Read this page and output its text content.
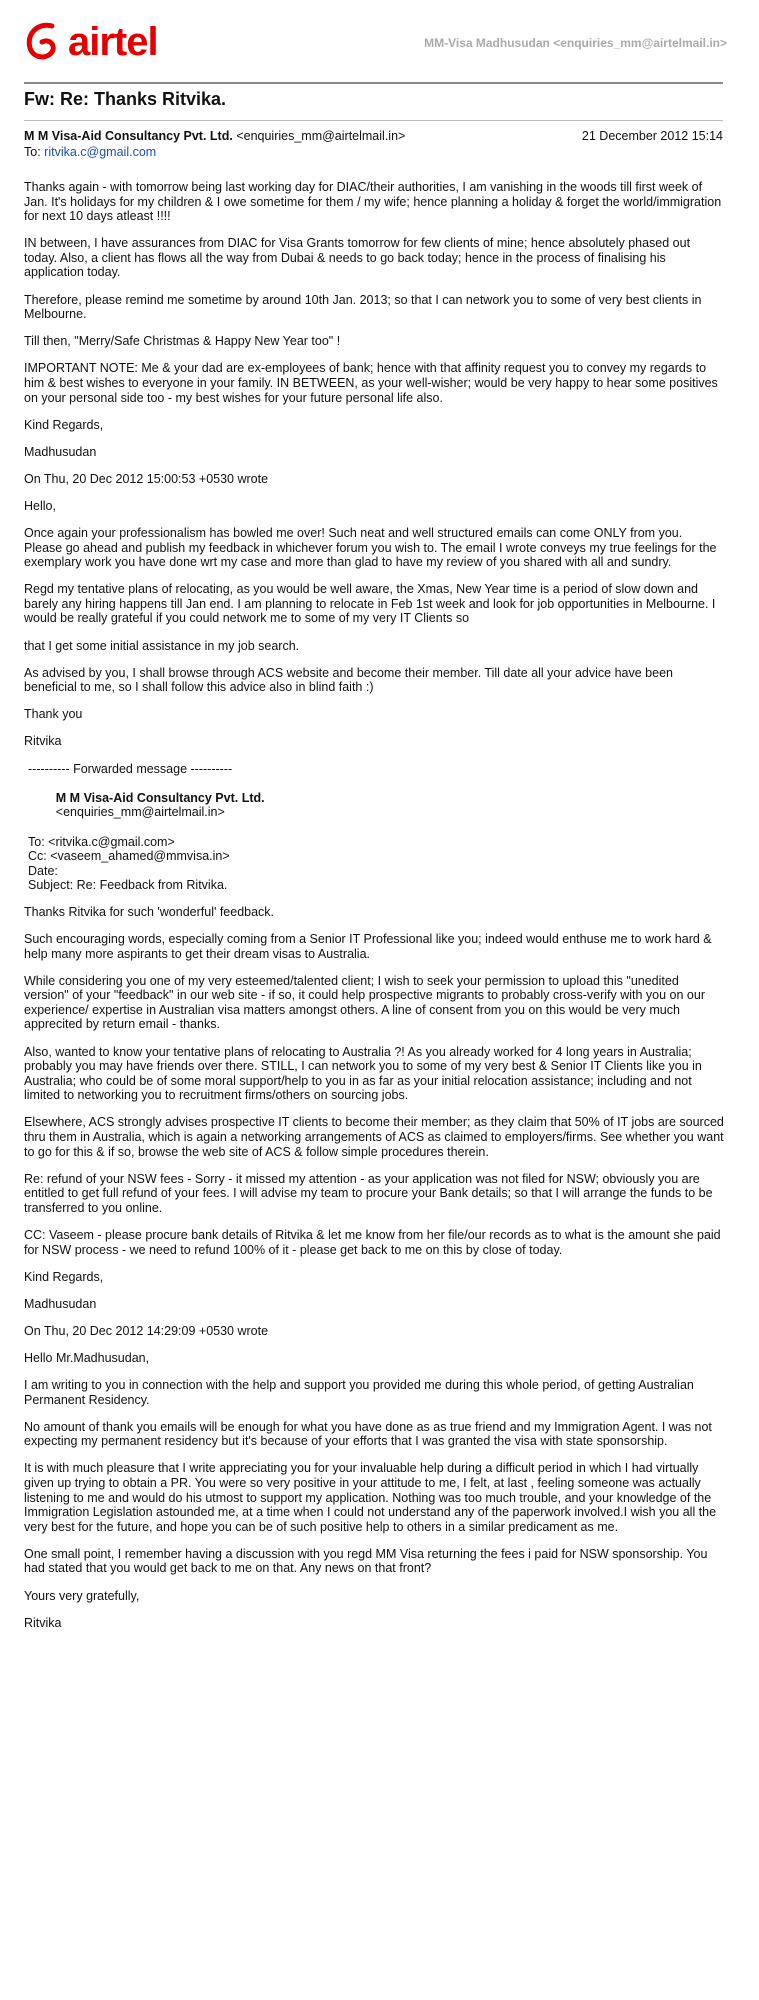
airtel	MM-Visa Madhusudan <enquiries_mm@airtelmail.in>
Fw: Re: Thanks Ritvika.
M M Visa-Aid Consultancy Pvt. Ltd. <enquiries_mm@airtelmail.in>	21 December 2012 15:14
To: ritvika.c@gmail.com

Thanks again - with tomorrow being last working day for DIAC/their authorities, I am vanishing in the woods till first week of Jan. It's holidays for my children & I owe sometime for them / my wife; hence planning a holiday & forget the world/immigration for next 10 days atleast !!!!

IN between, I have assurances from DIAC for Visa Grants tomorrow for few clients of mine; hence absolutely phased out today. Also, a client has flows all the way from Dubai & needs to go back today; hence in the process of finalising his application today.

Therefore, please remind me sometime by around 10th Jan. 2013; so that I can network you to some of very best clients in Melbourne.

Till then, "Merry/Safe Christmas & Happy New Year too" !

IMPORTANT NOTE: Me & your dad are ex-employees of bank; hence with that affinity request you to convey my regards to him & best wishes to everyone in your family. IN BETWEEN, as your well-wisher; would be very happy to hear some positives on your personal side too - my best wishes for your future personal life also.

Kind Regards,

Madhusudan

On Thu, 20 Dec 2012 15:00:53 +0530 wrote

Hello,

Once again your professionalism has bowled me over! Such neat and well structured emails can come ONLY from you.
Please go ahead and publish my feedback in whichever forum you wish to. The email I wrote conveys my true feelings for the exemplary work you have done wrt my case and more than glad to have my review of you shared with all and sundry.

Regd my tentative plans of relocating, as you would be well aware, the Xmas, New Year time is a period of slow down and barely any hiring happens till Jan end. I am planning to relocate in Feb 1st week and look for job opportunities in Melbourne. I would be really grateful if you could network me to some of my very IT Clients so

that I get some initial assistance in my job search.

As advised by you, I shall browse through ACS website and become their member. Till date all your advice have been beneficial to me, so I shall follow this advice also in blind faith :)

Thank you

Ritvika

---------- Forwarded message ----------

M M Visa-Aid Consultancy Pvt. Ltd.
<enquiries_mm@airtelmail.in>

To: <ritvika.c@gmail.com>
Cc: <vaseem_ahamed@mmvisa.in>
Date:
Subject: Re: Feedback from Ritvika.

Thanks Ritvika for such 'wonderful' feedback.

Such encouraging words, especially coming from a Senior IT Professional like you; indeed would enthuse me to work hard & help many more aspirants to get their dream visas to Australia.

While considering you one of my very esteemed/talented client; I wish to seek your permission to upload this "unedited version" of your "feedback" in our web site - if so, it could help prospective migrants to probably cross-verify with you on our experience/ expertise in Australian visa matters amongst others. A line of consent from you on this would be very much apprecited by return email - thanks.

Also, wanted to know your tentative plans of relocating to Australia ?! As you already worked for 4 long years in Australia; probably you may have friends over there. STILL, I can network you to some of my very best & Senior IT Clients like you in Australia; who could be of some moral support/help to you in as far as your initial relocation assistance; including and not limited to networking you to recruitment firms/others on sourcing jobs.

Elsewhere, ACS strongly advises prospective IT clients to become their member; as they claim that 50% of IT jobs are sourced thru them in Australia, which is again a networking arrangements of ACS as claimed to employers/firms. See whether you want to go for this & if so, browse the web site of ACS & follow simple procedures therein.

Re: refund of your NSW fees - Sorry - it missed my attention - as your application was not filed for NSW; obviously you are entitled to get full refund of your fees. I will advise my team to procure your Bank details; so that I will arrange the funds to be transferred to you online.

CC: Vaseem - please procure bank details of Ritvika & let me know from her file/our records as to what is the amount she paid for NSW process - we need to refund 100% of it - please get back to me on this by close of today.

Kind Regards,

Madhusudan

On Thu, 20 Dec 2012 14:29:09 +0530 wrote

Hello Mr.Madhusudan,

I am writing to you in connection with the help and support you provided me during this whole period, of getting Australian Permanent Residency.

No amount of thank you emails will be enough for what you have done as as true friend and my Immigration Agent. I was not expecting my permanent residency but it's because of your efforts that I was granted the visa with state sponsorship.

It is with much pleasure that I write appreciating you for your invaluable help during a difficult period in which I had virtually given up trying to obtain a PR. You were so very positive in your attitude to me, I felt, at last , feeling someone was actually listening to me and would do his utmost to support my application. Nothing was too much trouble, and your knowledge of the Immigration Legislation astounded me, at a time when I could not understand any of the paperwork involved.I wish you all the very best for the future, and hope you can be of such positive help to others in a similar predicament as me.

One small point, I remember having a discussion with you regd MM Visa returning the fees i paid for NSW sponsorship. You had stated that you would get back to me on that. Any news on that front?

Yours very gratefully,

Ritvika
